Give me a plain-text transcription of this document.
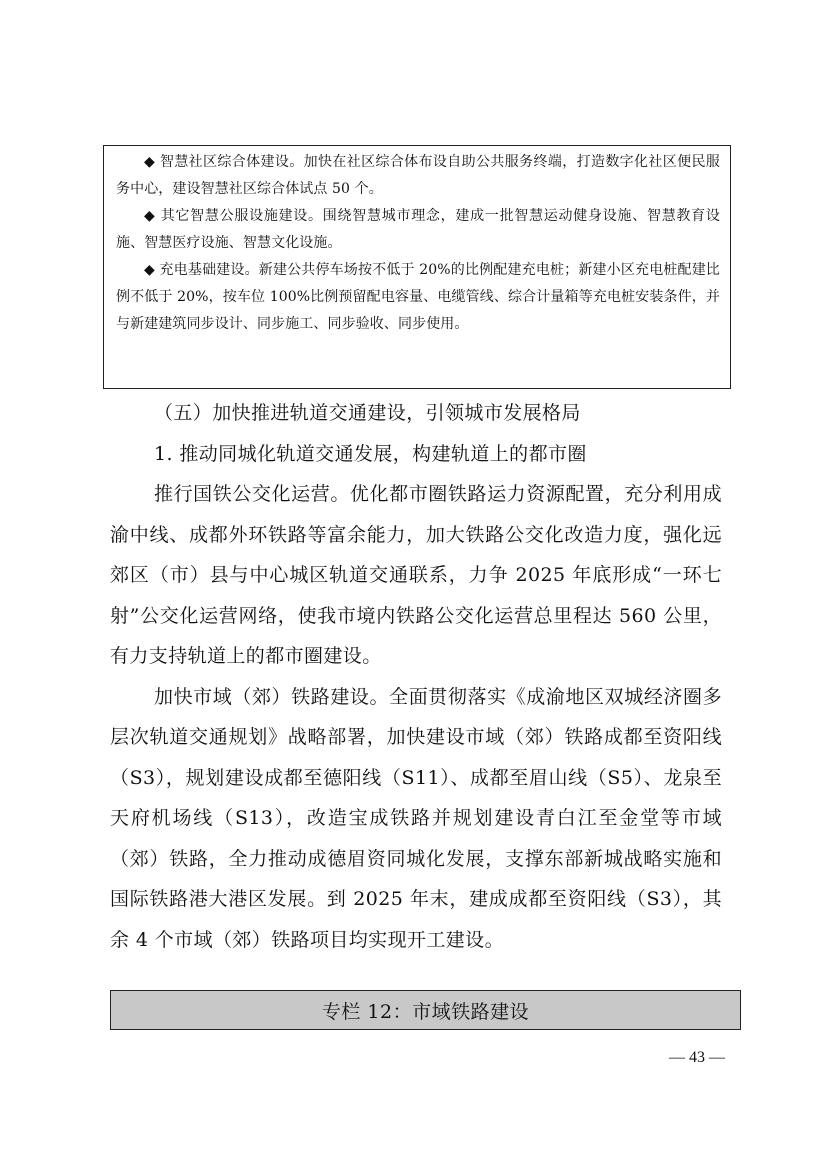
◆ 智慧社区综合体建设。加快在社区综合体布设自助公共服务终端，打造数字化社区便民服务中心，建设智慧社区综合体试点 50 个。

◆ 其它智慧公服设施建设。围绕智慧城市理念，建成一批智慧运动健身设施、智慧教育设施、智慧医疗设施、智慧文化设施。

◆ 充电基础建设。新建公共停车场按不低于 20%的比例配建充电桩；新建小区充电桩配建比例不低于 20%，按车位 100%比例预留配电容量、电缆管线、综合计量箱等充电桩安装条件，并与新建建筑同步设计、同步施工、同步验收、同步使用。

（五）加快推进轨道交通建设，引领城市发展格局

1. 推动同城化轨道交通发展，构建轨道上的都市圈

推行国铁公交化运营。优化都市圈铁路运力资源配置，充分利用成渝中线、成都外环铁路等富余能力，加大铁路公交化改造力度，强化远郊区（市）县与中心城区轨道交通联系，力争 2025 年底形成“一环七射”公交化运营网络，使我市境内铁路公交化运营总里程达 560 公里，有力支持轨道上的都市圈建设。

加快市域（郊）铁路建设。全面贯彻落实《成渝地区双城经济圈多层次轨道交通规划》战略部署，加快建设市域（郊）铁路成都至资阳线（S3），规划建设成都至德阳线（S11）、成都至眉山线（S5）、龙泉至天府机场线（S13），改造宝成铁路并规划建设青白江至金堂等市域（郊）铁路，全力推动成德眉资同城化发展，支撑东部新城战略实施和国际铁路港大港区发展。到 2025 年末，建成成都至资阳线（S3），其余 4 个市域（郊）铁路项目均实现开工建设。

专栏 12：市域铁路建设
— 43 —
